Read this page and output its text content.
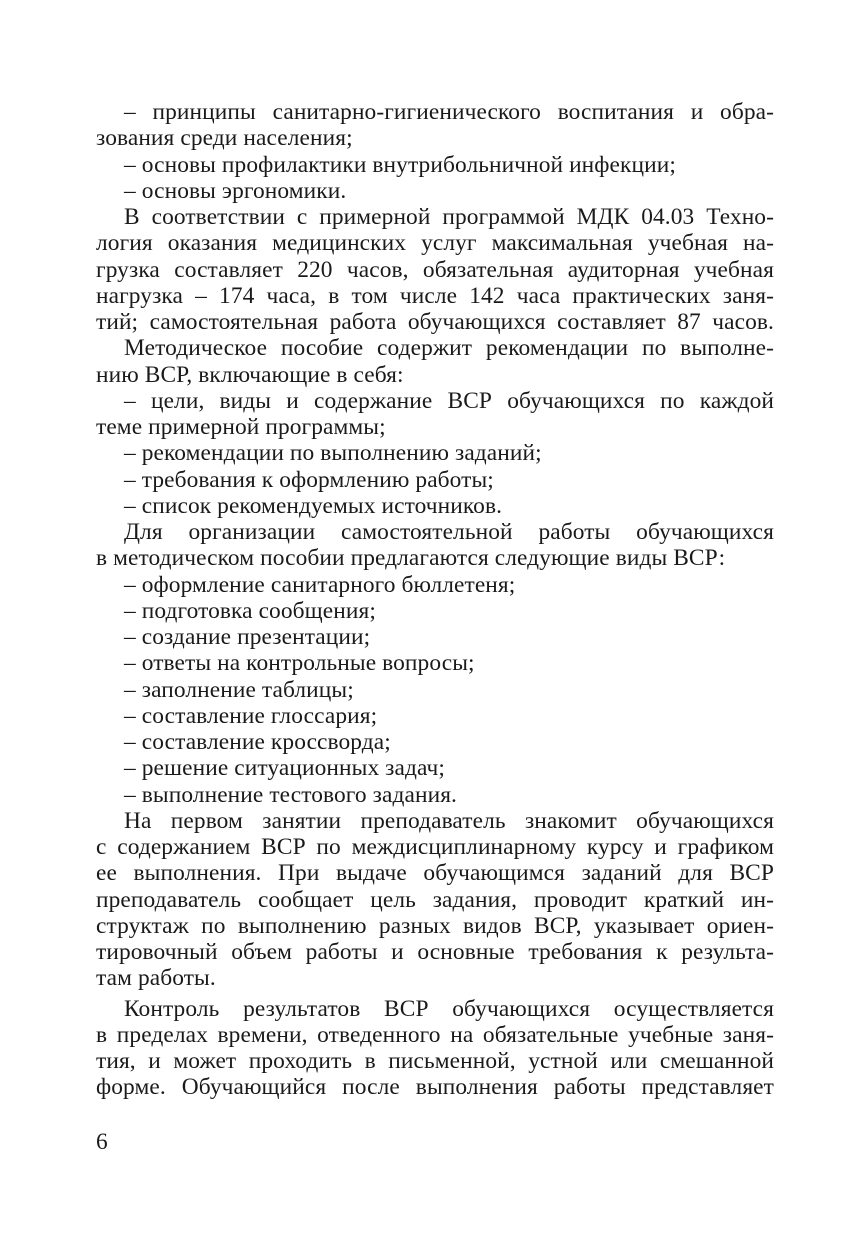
– принципы санитарно-гигиенического воспитания и обра-
зования среди населения;
– основы профилактики внутрибольничной инфекции;
– основы эргономики.
В соответствии с примерной программой МДК 04.03 Техно-
логия оказания медицинских услуг максимальная учебная на-
грузка составляет 220 часов, обязательная аудиторная учебная
нагрузка – 174 часа, в том числе 142 часа практических заня-
тий; самостоятельная работа обучающихся составляет 87 часов.
Методическое пособие содержит рекомендации по выполне-
нию ВСР, включающие в себя:
– цели, виды и содержание ВСР обучающихся по каждой
теме примерной программы;
– рекомендации по выполнению заданий;
– требования к оформлению работы;
– список рекомендуемых источников.
Для организации самостоятельной работы обучающихся
в методическом пособии предлагаются следующие виды ВСР:
– оформление санитарного бюллетеня;
– подготовка сообщения;
– создание презентации;
– ответы на контрольные вопросы;
– заполнение таблицы;
– составление глоссария;
– составление кроссворда;
– решение ситуационных задач;
– выполнение тестового задания.
На первом занятии преподаватель знакомит обучающихся
с содержанием ВСР по междисциплинарному курсу и графиком
ее выполнения. При выдаче обучающимся заданий для ВСР
преподаватель сообщает цель задания, проводит краткий ин-
структаж по выполнению разных видов ВСР, указывает ориен-
тировочный объем работы и основные требования к результа-
там работы.
Контроль результатов ВСР обучающихся осуществляется
в пределах времени, отведенного на обязательные учебные заня-
тия, и может проходить в письменной, устной или смешанной
форме. Обучающийся после выполнения работы представляет
6
